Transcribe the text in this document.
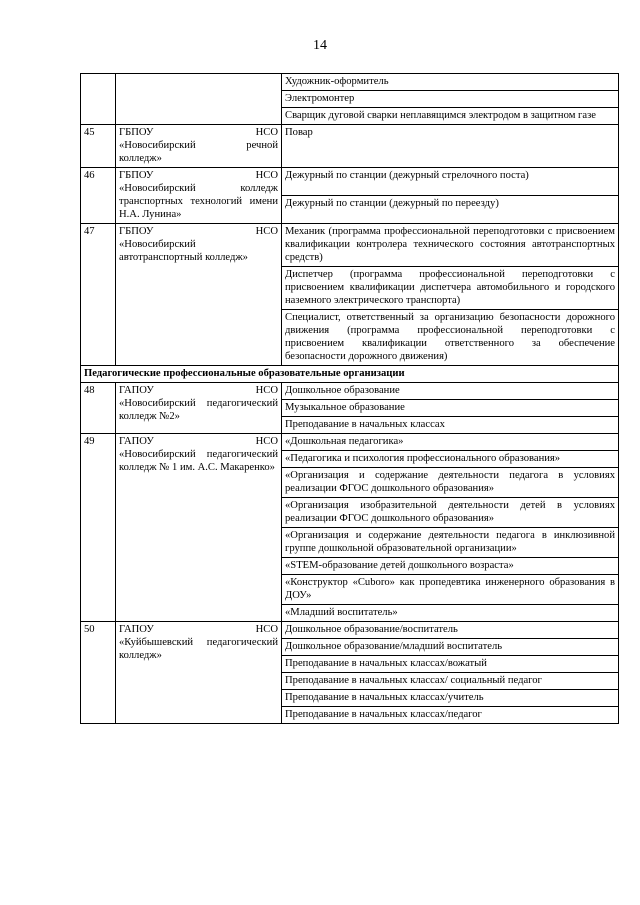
14
		Художник-оформитель
		Электромонтер
		Сварщик дуговой сварки неплавящимся электродом в защитном газе
45	ГБПОУ НСО
«Новосибирский речной
колледж»	Повар
46	ГБПОУ НСО
«Новосибирский колледж транспортных технологий имени Н.А. Лунина»	Дежурный по станции (дежурный стрелочного поста)
		Дежурный по станции (дежурный по переезду)
47	ГБПОУ НСО
«Новосибирский автотранспортный колледж»	Механик (программа профессиональной переподготовки с присвоением квалификации контролера технического состояния автотранспортных средств)
		Диспетчер (программа профессиональной переподготовки с присвоением квалификации диспетчера автомобильного и городского наземного электрического транспорта)
		Специалист, ответственный за организацию безопасности дорожного движения (программа профессиональной переподготовки с присвоением квалификации ответственного за обеспечение безопасности дорожного движения)
Педагогические профессиональные образовательные организации		
48	ГАПОУ НСО
«Новосибирский педагогический колледж №2»	Дошкольное образование
		Музыкальное образование
		Преподавание в начальных классах
49	ГАПОУ НСО
«Новосибирский педагогический колледж № 1 им. А.С. Макаренко»	«Дошкольная педагогика»
		«Педагогика и психология профессионального образования»
		«Организация и содержание деятельности педагога в условиях реализации ФГОС дошкольного образования»
		«Организация изобразительной деятельности детей в условиях реализации ФГОС дошкольного образования»
		«Организация и содержание деятельности педагога в инклюзивной группе дошкольной образовательной организации»
		«STEM-образование детей дошкольного возраста»
		«Конструктор «Cuboro» как пропедевтика инженерного образования в ДОУ»
		«Младший воспитатель»
50	ГАПОУ НСО
«Куйбышевский педагогический колледж»	Дошкольное образование/воспитатель
		Дошкольное образование/младший воспитатель
		Преподавание в начальных классах/вожатый
		Преподавание в начальных классах/ социальный педагог
		Преподавание в начальных классах/учитель
		Преподавание в начальных классах/педагог
